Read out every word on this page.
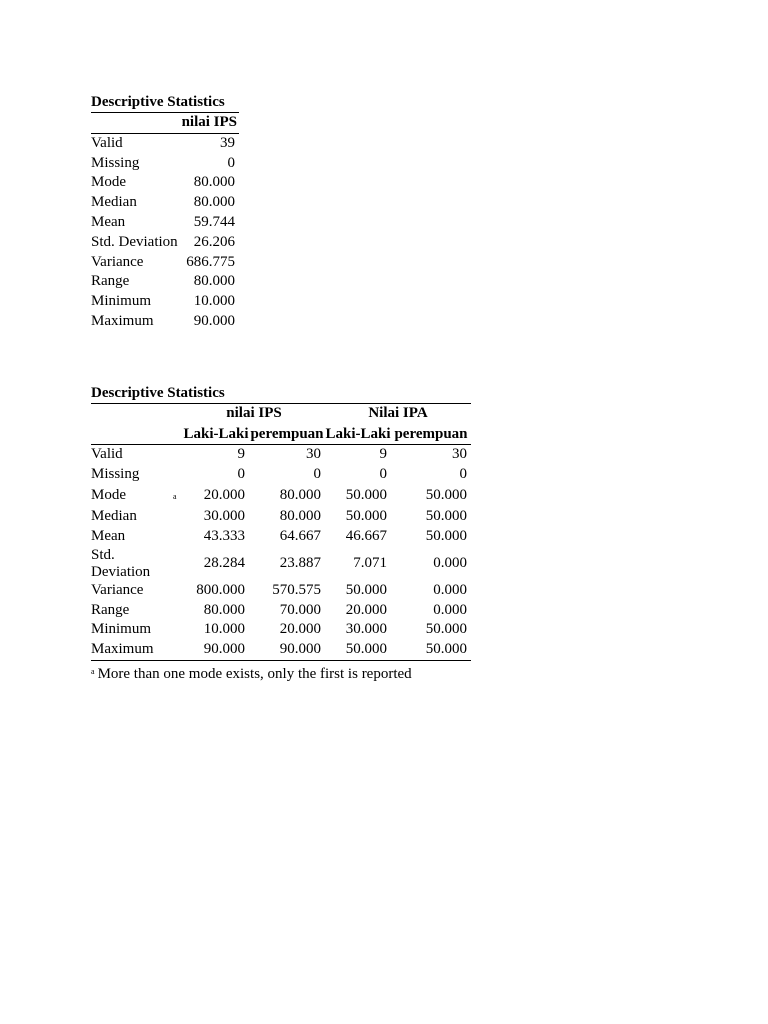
Descriptive Statistics
	nilai IPS
Valid	39
Missing	0
Mode	80.000
Median	80.000
Mean	59.744
Std. Deviation	26.206
Variance	686.775
Range	80.000
Minimum	10.000
Maximum	90.000
Descriptive Statistics
		nilai IPS		Nilai IPA	
		Laki-Laki	perempuan	Laki-Laki	perempuan
Valid		9	30	9	30
Missing		0	0	0	0
Mode	a	20.000	80.000	50.000	50.000
Median		30.000	80.000	50.000	50.000
Mean		43.333	64.667	46.667	50.000
Std. Deviation		28.284	23.887	7.071	0.000
Variance		800.000	570.575	50.000	0.000
Range		80.000	70.000	20.000	0.000
Minimum		10.000	20.000	30.000	50.000
Maximum		90.000	90.000	50.000	50.000
$^a$ More than one mode exists, only the first is reported
